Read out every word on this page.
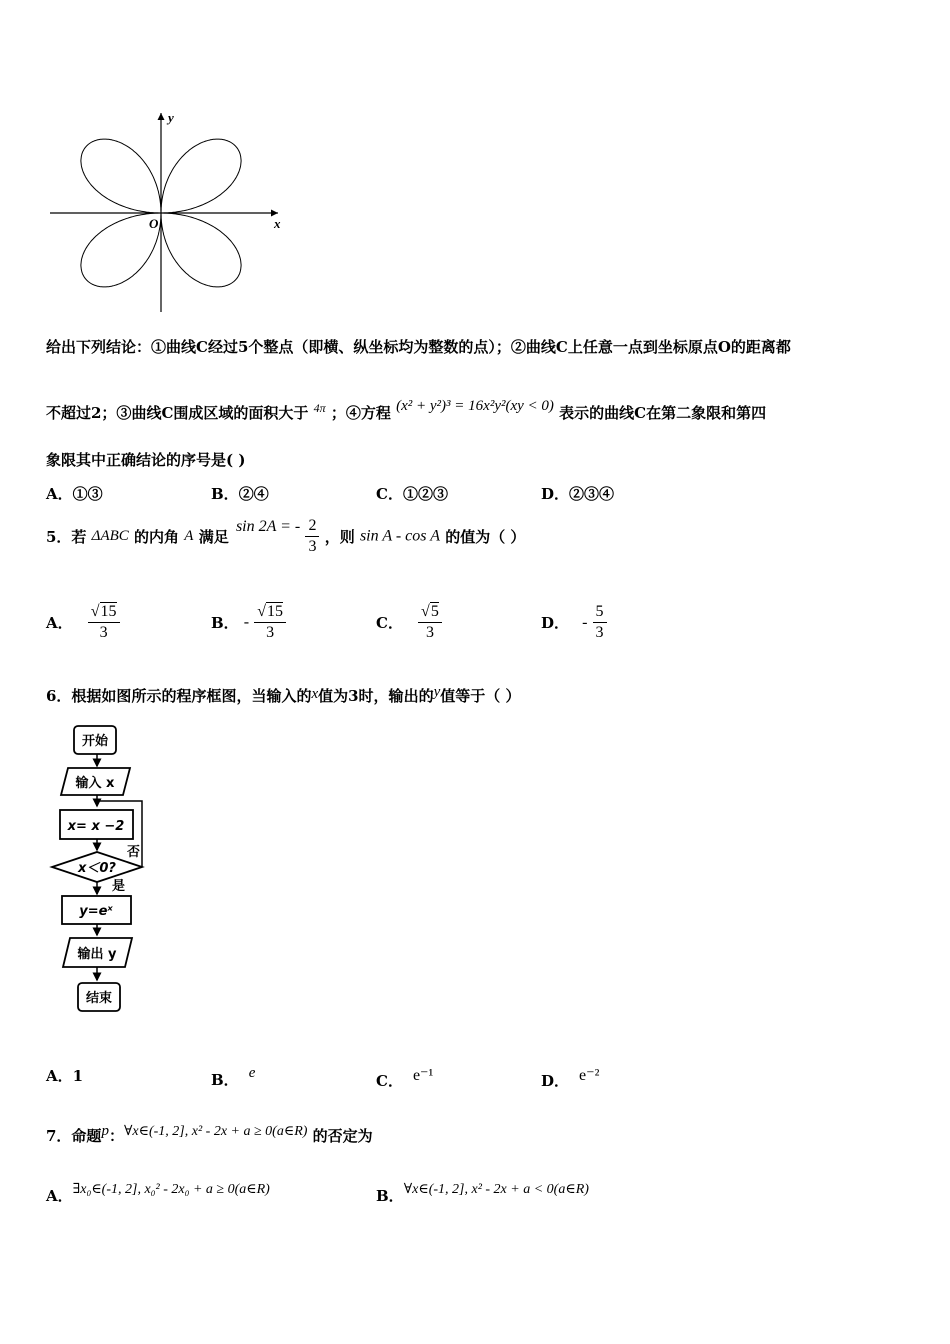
y
x
O
给出下列结论：①曲线C经过5个整点（即横、纵坐标均为整数的点）；②曲线C上任意一点到坐标原点O的距离都
不超过2；③曲线C围成区域的面积大于 $^{4\pi}$ ；④方程 (x² + y²)³ = 16x²y²(xy < 0) 表示的曲线C在第二象限和第四
象限其中正确结论的序号是( )
A．①③	B．②④	C．①②③	D．②③④
5．若 ΔABC 的内角 A 满足 sin 2A = - $\frac{2}{3}$ ，则 sin A - cos A 的值为（ ）
A． $\frac{√15}{3}$	B． - $\frac{√15}{3}$	C． $\frac{√5}{3}$	D． - $\frac{5}{3}$
6．根据如图所示的程序框图，当输入的x值为3时，输出的y值等于（ ）
开始
输入 x
x= x −2
x＜0?
否
是
y=eˣ
输出 y
结束
A．1	B． e	C． e⁻¹	D． e⁻²
7．命题p：∀x∈(-1, 2], x² - 2x + a ≥ 0(a∈R) 的否定为
A．∃x₀∈(-1, 2], x₀² - 2x₀ + a ≥ 0(a∈R)	B．∀x∈(-1, 2], x² - 2x + a < 0(a∈R)
